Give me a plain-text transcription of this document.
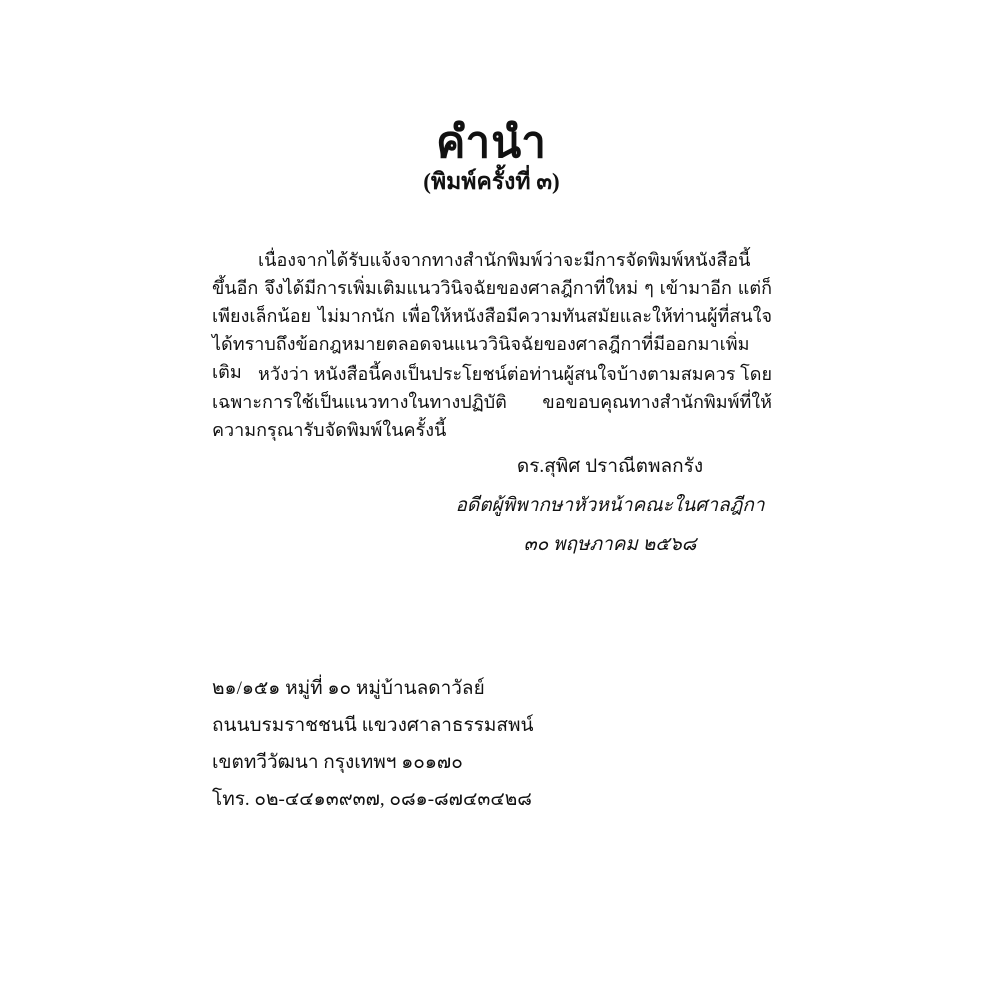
คำนำ
(พิมพ์ครั้งที่ ๓)

เนื่องจากได้รับแจ้งจากทางสำนักพิมพ์ว่าจะมีการจัดพิมพ์หนังสือนี้ขึ้นอีก จึงได้มีการเพิ่มเติมแนววินิจฉัยของศาลฎีกาที่ใหม่ ๆ เข้ามาอีก แต่ก็เพียงเล็กน้อย ไม่มากนัก เพื่อให้หนังสือมีความทันสมัยและให้ท่านผู้ที่สนใจได้ทราบถึงข้อกฎหมายตลอดจนแนววินิจฉัยของศาลฎีกาที่มีออกมาเพิ่มเติม หวังว่า หนังสือนี้คงเป็นประโยชน์ต่อท่านผู้สนใจบ้างตามสมควร โดยเฉพาะการใช้เป็นแนวทางในทางปฏิบัติ ขอขอบคุณทางสำนักพิมพ์ที่ให้ความกรุณารับจัดพิมพ์ในครั้งนี้

ดร.สุพิศ ปราณีตพลกรัง

อดีตผู้พิพากษาหัวหน้าคณะในศาลฎีกา

๓๐ พฤษภาคม ๒๕๖๘

๒๑/๑๕๑ หมู่ที่ ๑๐ หมู่บ้านลดาวัลย์

ถนนบรมราชชนนี แขวงศาลาธรรมสพน์

เขตทวีวัฒนา กรุงเทพฯ ๑๐๑๗๐

โทร. ๐๒-๔๔๑๓๙๓๗, ๐๘๑-๘๗๔๓๔๒๘
